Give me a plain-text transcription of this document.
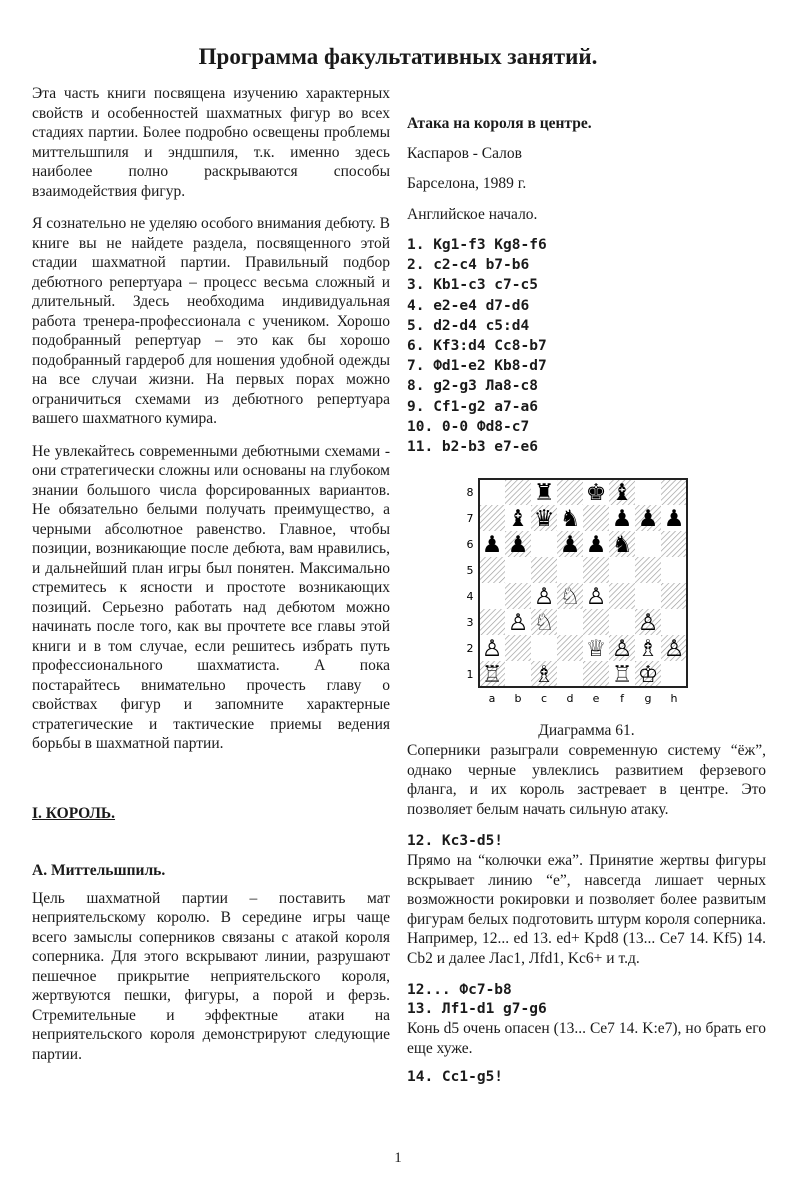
Программа факультативных занятий.

Эта часть книги посвящена изучению характерных свойств и особенностей шахматных фигур во всех стадиях партии. Более подробно освещены проблемы миттельшпиля и эндшпиля, т.к. именно здесь наиболее полно раскрываются способы взаимодействия фигур.

Я сознательно не уделяю особого внимания дебюту. В книге вы не найдете раздела, посвященного этой стадии шахматной партии. Правильный подбор дебютного репертуара – процесс весьма сложный и длительный. Здесь необходима индивидуальная работа тренера-профессионала с учеником. Хорошо подобранный репертуар – это как бы хорошо подобранный гардероб для ношения удобной одежды на все случаи жизни. На первых порах можно ограничиться схемами из дебютного репертуара вашего шахматного кумира.

Не увлекайтесь современными дебютными схемами - они стратегически сложны или основаны на глубоком знании большого числа форсированных вариантов. Не обязательно белыми получать преимущество, а черными абсолютное равенство. Главное, чтобы позиции, возникающие после дебюта, вам нравились, и дальнейший план игры был понятен. Максимально стремитесь к ясности и простоте возникающих позиций. Серьезно работать над дебютом можно начинать после того, как вы прочтете все главы этой книги и в том случае, если решитесь избрать путь профессионального шахматиста. А пока постарайтесь внимательно прочесть главу о свойствах фигур и запомните характерные стратегические и тактические приемы ведения борьбы в шахматной партии.

I. КОРОЛЬ.

А. Миттельшпиль.

Цель шахматной партии – поставить мат неприятельскому королю. В середине игры чаще всего замыслы соперников связаны с атакой короля соперника. Для этого вскрывают линии, разрушают пешечное прикрытие неприятельского короля, жертвуются пешки, фигуры, а порой и ферзь. Стремительные и эффектные атаки на неприятельского короля демонстрируют следующие партии.

Атака на короля в центре.

Каспаров - Салов

Барселона, 1989 г.

Английское начало.

1. Kg1-f3 Kg8-f6
2. c2-c4 b7-b6
3. Kb1-c3 c7-c5
4. e2-e4 d7-d6
5. d2-d4 c5:d4
6. Kf3:d4 Cc8-b7
7. Фd1-e2 Kb8-d7
8. g2-g3 Лa8-c8
9. Cf1-g2 a7-a6
10. 0-0 Фd8-c7
11. b2-b3 e7-e6
8
7
6
5
4
3
2
1
a b c d e f g h
♜ ♚ ♝
♝ ♛ ♞ ♟ ♟ ♟
♟ ♟ ♟ ♟ ♞
♙ ♘ ♙
♙ ♘	♙
♙	♕ ♙ ♗ ♙
♖ ♗ ♖ ♔
Диаграмма 61.

Соперники разыграли современную систему “ёж”, однако черные увлеклись развитием ферзевого фланга, и их король застревает в центре. Это позволяет белым начать сильную атаку.

12. Kc3-d5!

Прямо на “колючки ежа”. Принятие жертвы фигуры вскрывает линию “е”, навсегда лишает черных возможности рокировки и позволяет более развитым фигурам белых подготовить штурм короля соперника. Например, 12... ed 13. ed+ Kpd8 (13... Ce7 14. Kf5) 14. Cb2 и далее Лac1, Лfd1, Kc6+ и т.д.

12... Фc7-b8
13. Лf1-d1 g7-g6

Конь d5 очень опасен (13... Ce7 14. K:e7), но брать его еще хуже.

14. Cc1-g5!
1
